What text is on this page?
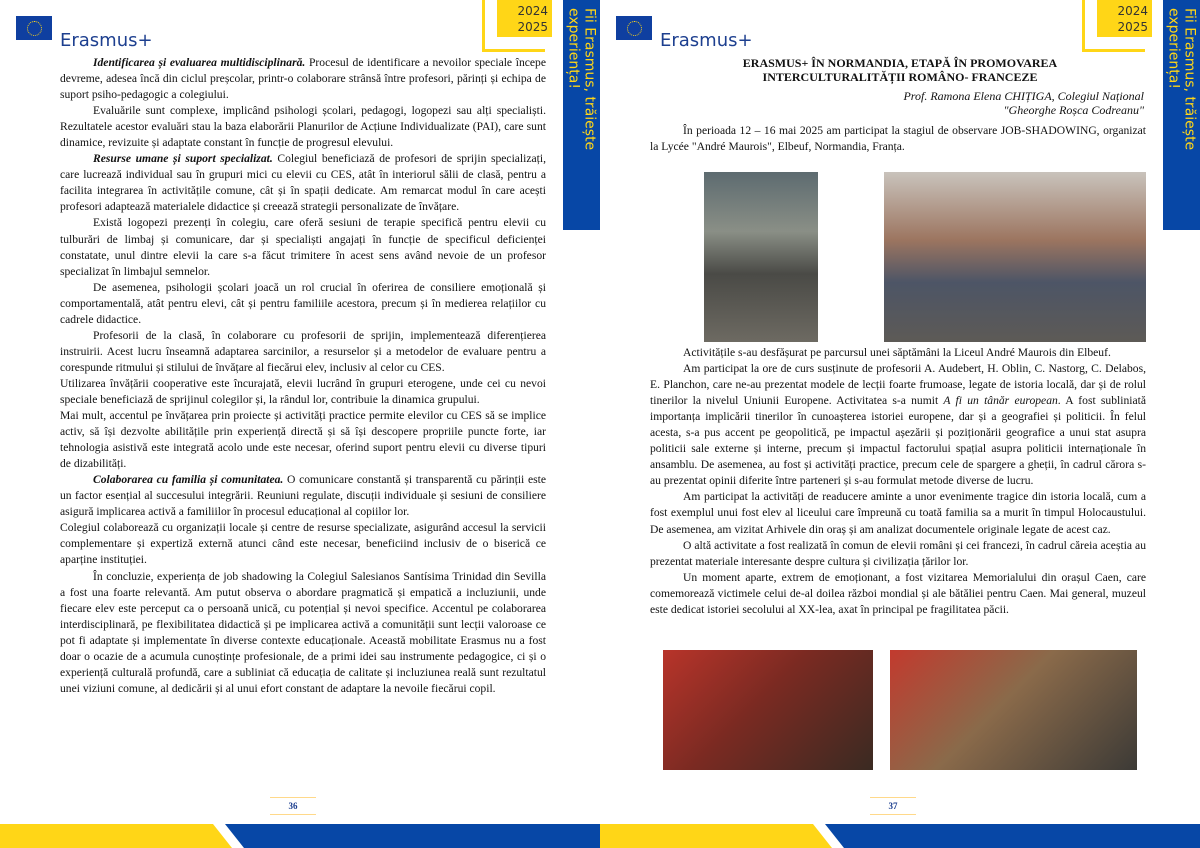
Erasmus+
2024
2025	Fii Erasmus, trăiește experiența!

Identificarea și evaluarea multidisciplinară. Procesul de identificare a nevoilor speciale începe devreme, adesea încă din ciclul preșcolar, printr-o colaborare strânsă între profesori, părinți și echipa de suport psiho-pedagogic a colegiului.

Evaluările sunt complexe, implicând psihologi școlari, pedagogi, logopezi sau alți specialiști. Rezultatele acestor evaluări stau la baza elaborării Planurilor de Acțiune Individualizate (PAI), care sunt dinamice, revizuite și adaptate constant în funcție de progresul elevului.

Resurse umane și suport specializat. Colegiul beneficiază de profesori de sprijin specializați, care lucrează individual sau în grupuri mici cu elevii cu CES, atât în interiorul sălii de clasă, pentru a facilita integrarea în activitățile comune, cât și în spații dedicate. Am remarcat modul în care acești profesori adaptează materialele didactice și creează strategii personalizate de învățare.

Există logopezi prezenți în colegiu, care oferă sesiuni de terapie specifică pentru elevii cu tulburări de limbaj și comunicare, dar și specialiști angajați în funcție de specificul deficienței constatate, unul dintre elevii la care s-a făcut trimitere în acest sens având nevoie de un profesor specializat în limbajul semnelor.

De asemenea, psihologii școlari joacă un rol crucial în oferirea de consiliere emoțională și comportamentală, atât pentru elevi, cât și pentru familiile acestora, precum și în medierea relațiilor cu cadrele didactice.

Profesorii de la clasă, în colaborare cu profesorii de sprijin, implementează diferențierea instruirii. Acest lucru înseamnă adaptarea sarcinilor, a resurselor și a metodelor de evaluare pentru a corespunde ritmului și stilului de învățare al fiecărui elev, inclusiv al celor cu CES.

Utilizarea învățării cooperative este încurajată, elevii lucrând în grupuri eterogene, unde cei cu nevoi speciale beneficiază de sprijinul colegilor și, la rândul lor, contribuie la dinamica grupului.

Mai mult, accentul pe învățarea prin proiecte și activități practice permite elevilor cu CES să se implice activ, să își dezvolte abilitățile prin experiență directă și să își descopere propriile puncte forte, iar tehnologia asistivă este integrată acolo unde este necesar, oferind suport pentru elevii cu diverse tipuri de dizabilități.

Colaborarea cu familia și comunitatea. O comunicare constantă și transparentă cu părinții este un factor esențial al succesului integrării. Reuniuni regulate, discuții individuale și sesiuni de consiliere asigură implicarea activă a familiilor în procesul educațional al copiilor lor.

Colegiul colaborează cu organizații locale și centre de resurse specializate, asigurând accesul la servicii complementare și expertiză externă atunci când este necesar, beneficiind inclusiv de o biserică ce aparține instituției.

În concluzie, experiența de job shadowing la Colegiul Salesianos Santísima Trinidad din Sevilla a fost una foarte relevantă. Am putut observa o abordare pragmatică și empatică a incluziunii, unde fiecare elev este perceput ca o persoană unică, cu potențial și nevoi specifice. Accentul pe colaborarea interdisciplinară, pe flexibilitatea didactică și pe implicarea activă a comunității sunt lecții valoroase ce pot fi adaptate și implementate în diverse contexte educaționale. Această mobilitate Erasmus nu a fost doar o ocazie de a acumula cunoștințe profesionale, de a primi idei sau instrumente pedagogice, ci și o experiență culturală profundă, care a subliniat că educația de calitate și incluziunea reală sunt rezultatul unei viziuni comune, al dedicării și al unui efort constant de adaptare la nevoile fiecărui copil.

36
Erasmus+
2024
2025	Fii Erasmus, trăiește experiența!
ERASMUS+ ÎN NORMANDIA, ETAPĂ ÎN PROMOVAREA
INTERCULTURALITĂȚII ROMÂNO- FRANCEZE
Prof. Ramona Elena CHIȚIGA, Colegiul Național
"Gheorghe Roșca Codreanu"

În perioada 12 – 16 mai 2025 am participat la stagiul de observare JOB-SHADOWING, organizat la Lycée "André Maurois", Elbeuf, Normandia, Franța.

Activitățile s-au desfășurat pe parcursul unei săptămâni la Liceul André Maurois din Elbeuf.

Am participat la ore de curs susținute de profesorii A. Audebert, H. Oblin, C. Nastorg, C. Delabos, E. Planchon, care ne-au prezentat modele de lecții foarte frumoase, legate de istoria locală, dar și de rolul tinerilor la nivelul Uniunii Europene. Activitatea s-a numit A fi un tânăr european. A fost subliniată importanța implicării tinerilor în cunoașterea istoriei europene, dar și a geografiei și politicii. În felul acesta, s-a pus accent pe geopolitică, pe impactul așezării și poziționării geografice a unui stat asupra politicii sale externe și interne, precum și impactul factorului spațial asupra politicii internaționale în ansamblu. De asemenea, au fost și activități practice, precum cele de spargere a gheții, în cadrul cărora s-au prezentat opinii diferite între parteneri și s-au formulat metode diverse de lucru.

Am participat la activități de readucere aminte a unor evenimente tragice din istoria locală, cum a fost exemplul unui fost elev al liceului care împreună cu toată familia sa a murit în timpul Holocaustului. De asemenea, am vizitat Arhivele din oraș și am analizat documentele originale legate de acest caz.

O altă activitate a fost realizată în comun de elevii români și cei francezi, în cadrul căreia aceștia au prezentat materiale interesante despre cultura și civilizația țărilor lor.

Un moment aparte, extrem de emoționant, a fost vizitarea Memorialului din orașul Caen, care comemorează victimele celui de-al doilea război mondial și ale bătăliei pentru Caen. Mai general, muzeul este dedicat istoriei secolului al XX-lea, axat în principal pe fragilitatea păcii.

37
